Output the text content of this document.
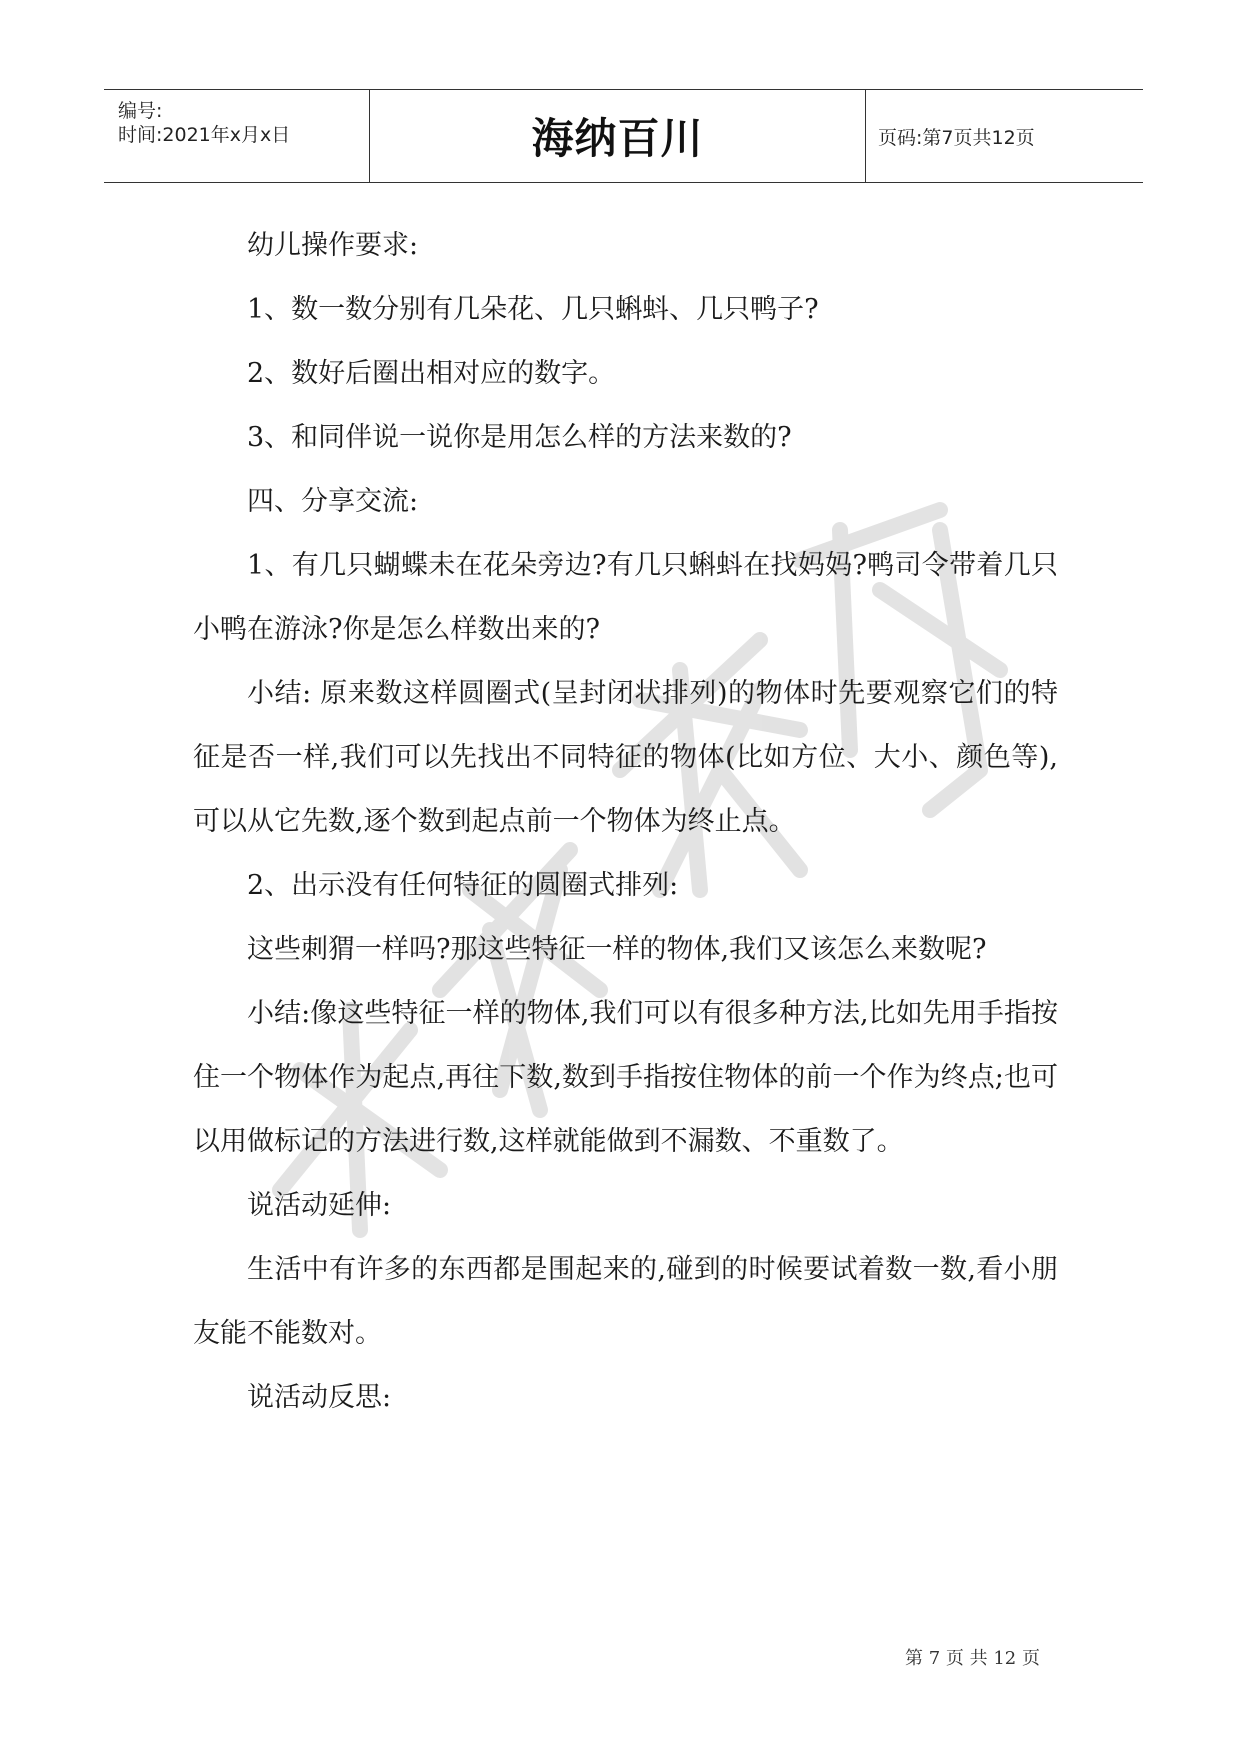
编号:
时间:2021年x月x日	海纳百川	页码:第7页共12页

幼儿操作要求:

1、数一数分别有几朵花、几只蝌蚪、几只鸭子?

2、数好后圈出相对应的数字。

3、和同伴说一说你是用怎么样的方法来数的?

四、分享交流:

1、有几只蝴蝶未在花朵旁边?有几只蝌蚪在找妈妈?鸭司令带着几只小鸭在游泳?你是怎么样数出来的?

小结: 原来数这样圆圈式(呈封闭状排列)的物体时先要观察它们的特征是否一样,我们可以先找出不同特征的物体(比如方位、大小、颜色等),可以从它先数,逐个数到起点前一个物体为终止点。

2、出示没有任何特征的圆圈式排列:

这些刺猬一样吗?那这些特征一样的物体,我们又该怎么来数呢?

小结:像这些特征一样的物体,我们可以有很多种方法,比如先用手指按住一个物体作为起点,再往下数,数到手指按住物体的前一个作为终点;也可以用做标记的方法进行数,这样就能做到不漏数、不重数了。

说活动延伸:

生活中有许多的东西都是围起来的,碰到的时候要试着数一数,看小朋友能不能数对。

说活动反思:

第 7 页 共 12 页
